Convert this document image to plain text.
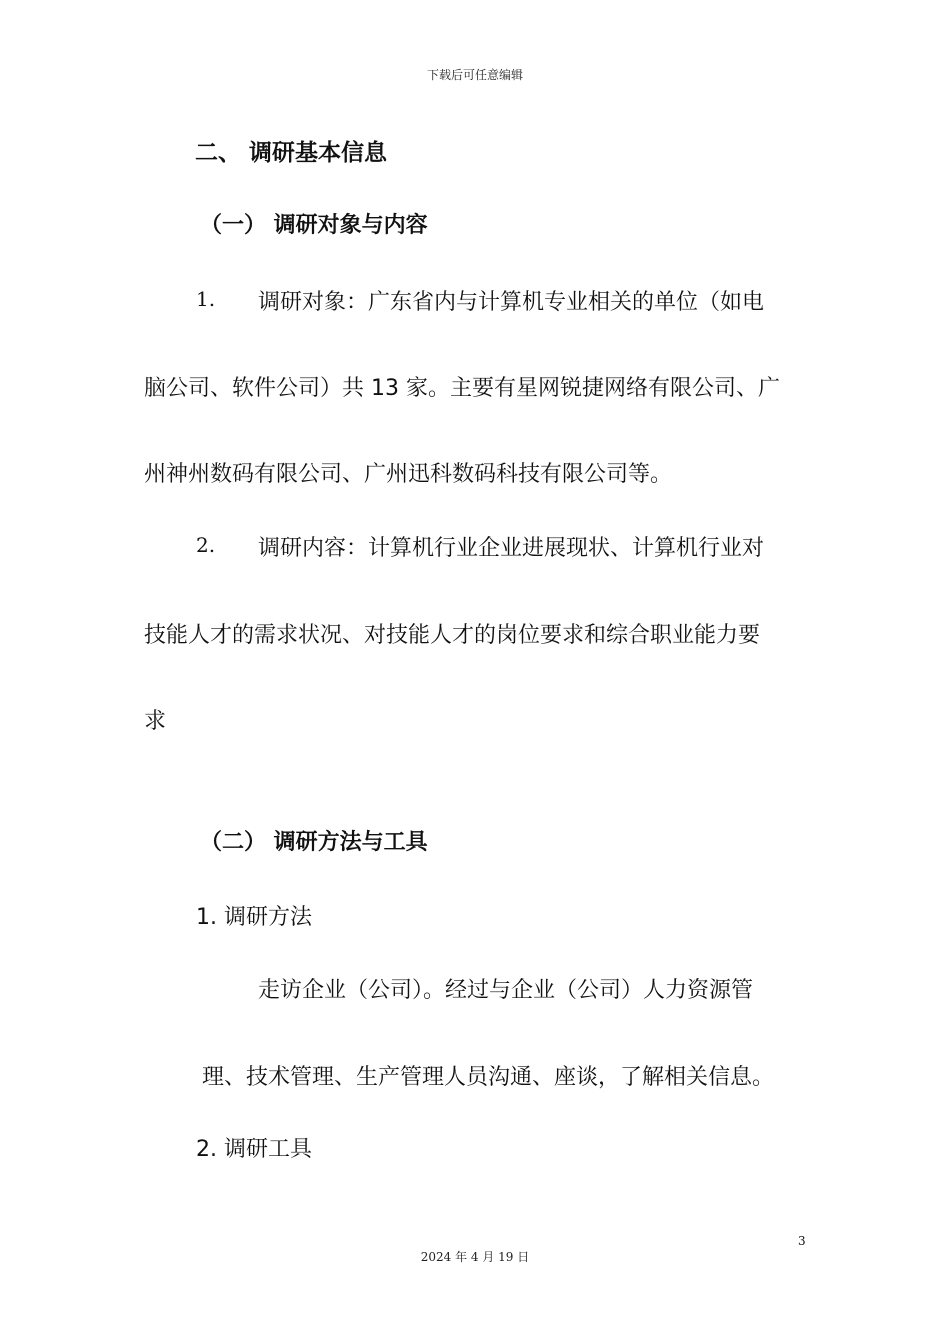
下载后可任意编辑
二、 调研基本信息
（一） 调研对象与内容
1. 调研对象：广东省内与计算机专业相关的单位（如电
脑公司、软件公司）共 13 家。主要有星网锐捷网络有限公司、广
州神州数码有限公司、广州迅科数码科技有限公司等。
2. 调研内容：计算机行业企业进展现状、计算机行业对
技能人才的需求状况、对技能人才的岗位要求和综合职业能力要
求
（二） 调研方法与工具
1. 调研方法
走访企业（公司）。经过与企业（公司）人力资源管
理、技术管理、生产管理人员沟通、座谈，了解相关信息。
2. 调研工具
3
2024 年 4 月 19 日
